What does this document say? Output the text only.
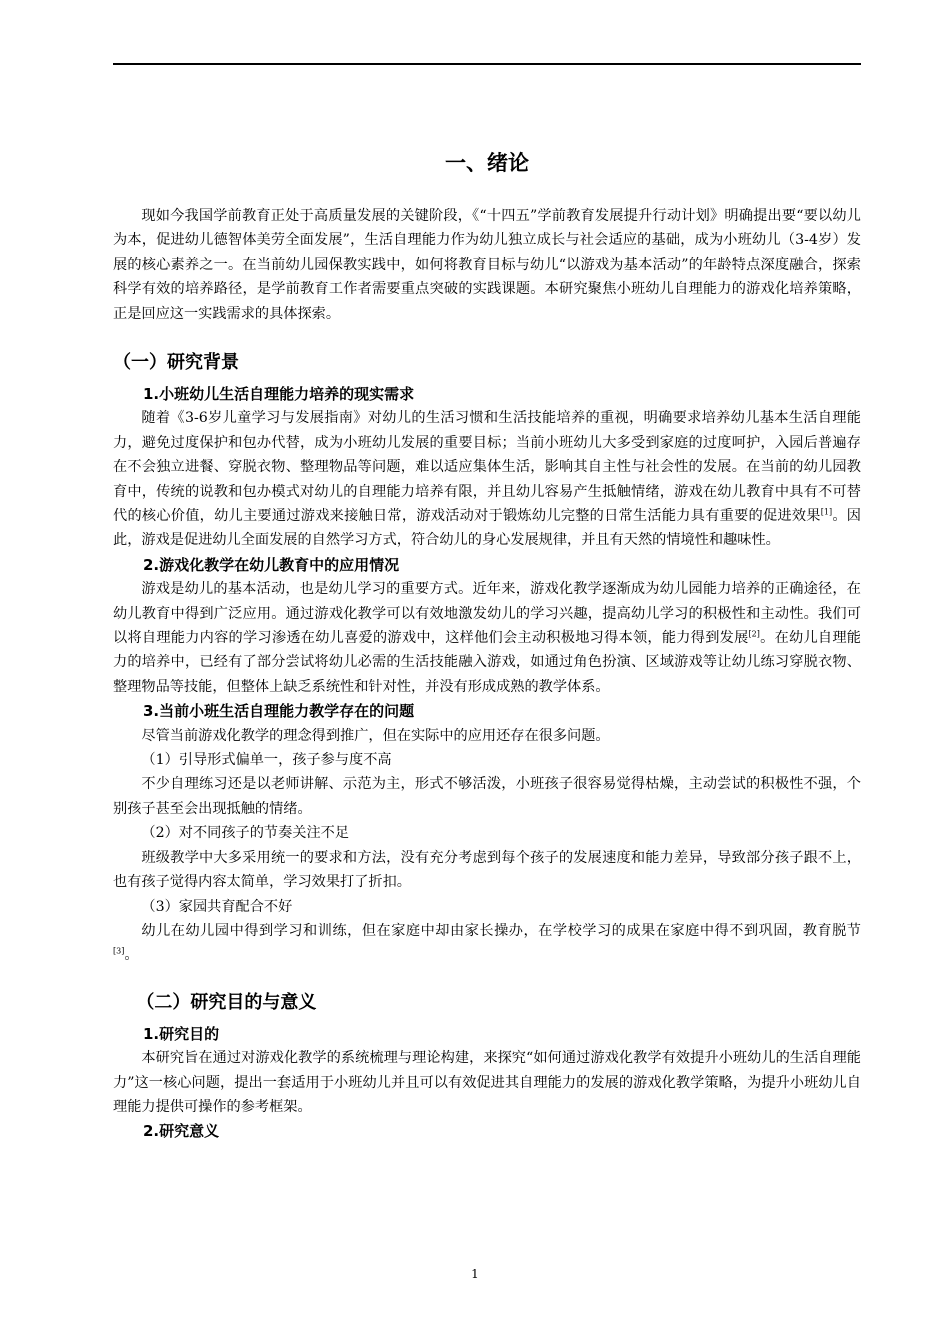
一、绪论

现如今我国学前教育正处于高质量发展的关键阶段，《“十四五”学前教育发展提升行动计划》明确提出要“要以幼儿为本，促进幼儿德智体美劳全面发展”，生活自理能力作为幼儿独立成长与社会适应的基础，成为小班幼儿（3-4岁）发展的核心素养之一。在当前幼儿园保教实践中，如何将教育目标与幼儿“以游戏为基本活动”的年龄特点深度融合，探索科学有效的培养路径，是学前教育工作者需要重点突破的实践课题。本研究聚焦小班幼儿自理能力的游戏化培养策略，正是回应这一实践需求的具体探索。

（一）研究背景
1.小班幼儿生活自理能力培养的现实需求

随着《3-6岁儿童学习与发展指南》对幼儿的生活习惯和生活技能培养的重视，明确要求培养幼儿基本生活自理能力，避免过度保护和包办代替，成为小班幼儿发展的重要目标；当前小班幼儿大多受到家庭的过度呵护，入园后普遍存在不会独立进餐、穿脱衣物、整理物品等问题，难以适应集体生活，影响其自主性与社会性的发展。在当前的幼儿园教育中，传统的说教和包办模式对幼儿的自理能力培养有限，并且幼儿容易产生抵触情绪，游戏在幼儿教育中具有不可替代的核心价值，幼儿主要通过游戏来接触日常，游戏活动对于锻炼幼儿完整的日常生活能力具有重要的促进效果[1]。因此，游戏是促进幼儿全面发展的自然学习方式，符合幼儿的身心发展规律，并且有天然的情境性和趣味性。

2.游戏化教学在幼儿教育中的应用情况

游戏是幼儿的基本活动，也是幼儿学习的重要方式。近年来，游戏化教学逐渐成为幼儿园能力培养的正确途径，在幼儿教育中得到广泛应用。通过游戏化教学可以有效地激发幼儿的学习兴趣，提高幼儿学习的积极性和主动性。我们可以将自理能力内容的学习渗透在幼儿喜爱的游戏中，这样他们会主动积极地习得本领，能力得到发展[2]。在幼儿自理能力的培养中，已经有了部分尝试将幼儿必需的生活技能融入游戏，如通过角色扮演、区域游戏等让幼儿练习穿脱衣物、整理物品等技能，但整体上缺乏系统性和针对性，并没有形成成熟的教学体系。

3.当前小班生活自理能力教学存在的问题

尽管当前游戏化教学的理念得到推广，但在实际中的应用还存在很多问题。

（1）引导形式偏单一，孩子参与度不高

不少自理练习还是以老师讲解、示范为主，形式不够活泼，小班孩子很容易觉得枯燥，主动尝试的积极性不强，个别孩子甚至会出现抵触的情绪。

（2）对不同孩子的节奏关注不足

班级教学中大多采用统一的要求和方法，没有充分考虑到每个孩子的发展速度和能力差异，导致部分孩子跟不上，也有孩子觉得内容太简单，学习效果打了折扣。

（3）家园共育配合不好

幼儿在幼儿园中得到学习和训练，但在家庭中却由家长操办，在学校学习的成果在家庭中得不到巩固，教育脱节[3]。

（二）研究目的与意义
1.研究目的

本研究旨在通过对游戏化教学的系统梳理与理论构建，来探究“如何通过游戏化教学有效提升小班幼儿的生活自理能力”这一核心问题，提出一套适用于小班幼儿并且可以有效促进其自理能力的发展的游戏化教学策略，为提升小班幼儿自理能力提供可操作的参考框架。

2.研究意义
1
